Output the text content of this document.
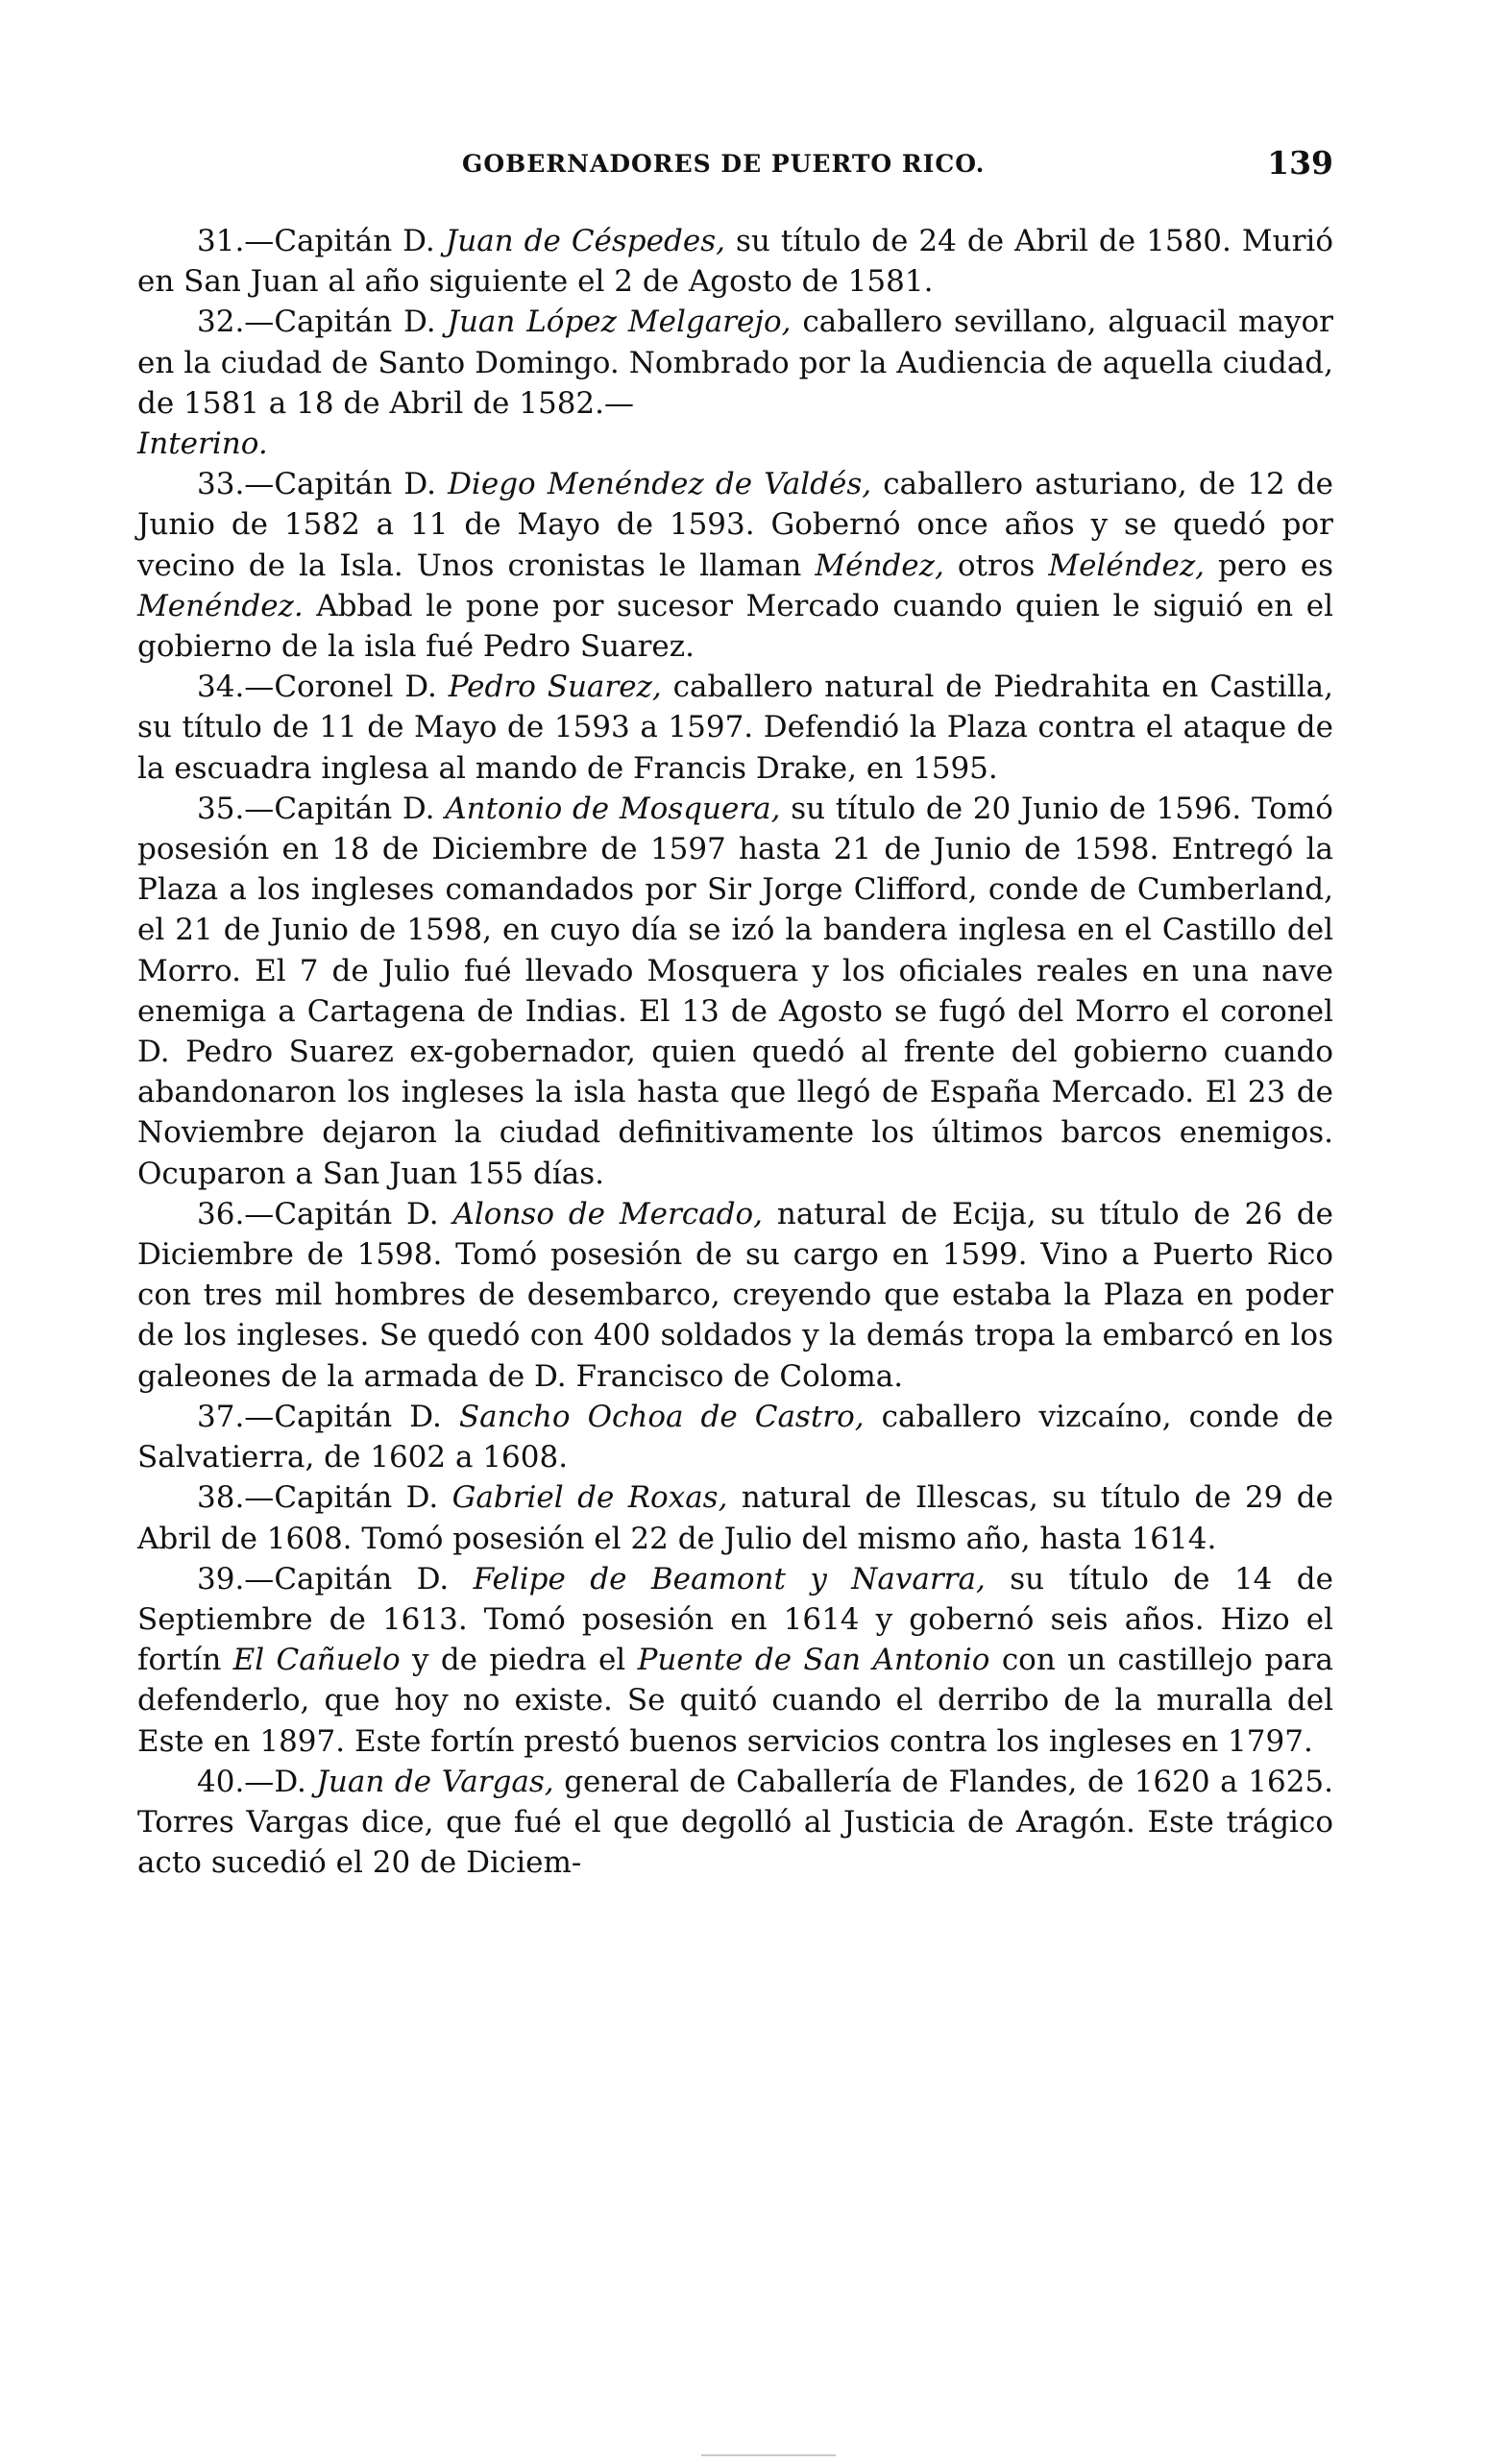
GOBERNADORES DE PUERTO RICO.	139

31.—Capitán D. Juan de Céspedes, su título de 24 de Abril de 1580. Murió en San Juan al año siguiente el 2 de Agosto de 1581.

32.—Capitán D. Juan López Melgarejo, caballero sevillano, alguacil mayor en la ciudad de Santo Domingo. Nombrado por la Audiencia de aquella ciudad, de 1581 a 18 de Abril de 1582.—
Interino.

33.—Capitán D. Diego Menéndez de Valdés, caballero asturiano, de 12 de Junio de 1582 a 11 de Mayo de 1593. Gobernó once años y se quedó por vecino de la Isla. Unos cronistas le llaman Méndez, otros Meléndez, pero es Menéndez. Abbad le pone por sucesor Mercado cuando quien le siguió en el gobierno de la isla fué Pedro Suarez.

34.—Coronel D. Pedro Suarez, caballero natural de Piedrahita en Castilla, su título de 11 de Mayo de 1593 a 1597. Defendió la Plaza contra el ataque de la escuadra inglesa al mando de Francis Drake, en 1595.

35.—Capitán D. Antonio de Mosquera, su título de 20 Junio de 1596. Tomó posesión en 18 de Diciembre de 1597 hasta 21 de Junio de 1598. Entregó la Plaza a los ingleses comandados por Sir Jorge Clifford, conde de Cumberland, el 21 de Junio de 1598, en cuyo día se izó la bandera inglesa en el Castillo del Morro. El 7 de Julio fué llevado Mosquera y los oficiales reales en una nave enemiga a Cartagena de Indias. El 13 de Agosto se fugó del Morro el coronel D. Pedro Suarez ex-gobernador, quien quedó al frente del gobierno cuando abandonaron los ingleses la isla hasta que llegó de España Mercado. El 23 de Noviembre dejaron la ciudad definitivamente los últimos barcos enemigos. Ocuparon a San Juan 155 días.

36.—Capitán D. Alonso de Mercado, natural de Ecija, su título de 26 de Diciembre de 1598. Tomó posesión de su cargo en 1599. Vino a Puerto Rico con tres mil hombres de desembarco, creyendo que estaba la Plaza en poder de los ingleses. Se quedó con 400 soldados y la demás tropa la embarcó en los galeones de la armada de D. Francisco de Coloma.

37.—Capitán D. Sancho Ochoa de Castro, caballero vizcaíno, conde de Salvatierra, de 1602 a 1608.

38.—Capitán D. Gabriel de Roxas, natural de Illescas, su título de 29 de Abril de 1608. Tomó posesión el 22 de Julio del mismo año, hasta 1614.

39.—Capitán D. Felipe de Beamont y Navarra, su título de 14 de Septiembre de 1613. Tomó posesión en 1614 y gobernó seis años. Hizo el fortín El Cañuelo y de piedra el Puente de San Antonio con un castillejo para defenderlo, que hoy no existe. Se quitó cuando el derribo de la muralla del Este en 1897. Este fortín prestó buenos servicios contra los ingleses en 1797.

40.—D. Juan de Vargas, general de Caballería de Flandes, de 1620 a 1625. Torres Vargas dice, que fué el que degolló al Justicia de Aragón. Este trágico acto sucedió el 20 de Diciem-
